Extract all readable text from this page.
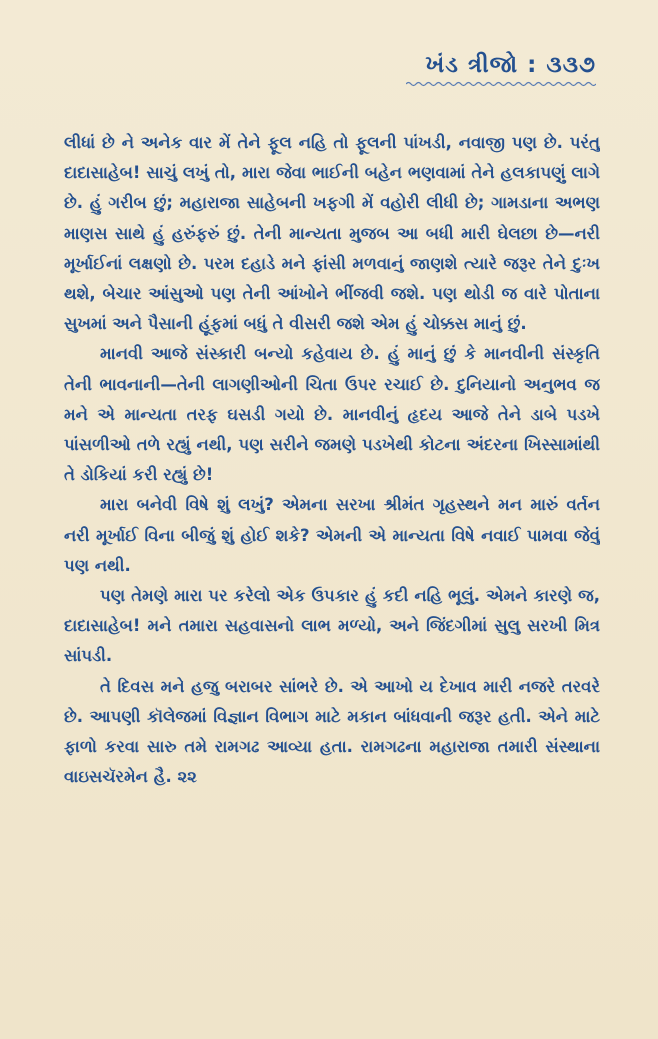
ખંડ ત્રીજો : ૩૩૭

લીધાં છે ને અનેક વાર મેં તેને ફૂલ નહિ તો ફૂલની પાંખડી, નવાજી પણ છે. પરંતુ દાદાસાહેબ! સાચું લખું તો, મારા જેવા ભાઈની બહેન ભણવામાં તેને હલકાપણું લાગે છે. હું ગરીબ છું; મહારાજા સાહેબની ખફગી મેં વહોરી લીધી છે; ગામડાના અભણ માણસ સાથે હું હરુંફરું છું. તેની માન્યતા મુજબ આ બધી મારી ઘેલછા છે—નરી મૂર્ખાઈનાં લક્ષણો છે. પરમ દહાડે મને ફાંસી મળવાનું જાણશે ત્યારે જરૂર તેને દુઃખ થશે, બેચાર આંસુઓ પણ તેની આંખોને ભીંજવી જશે. પણ થોડી જ વારે પોતાના સુખમાં અને પૈસાની હૂંફમાં બધું તે વીસરી જશે એમ હું ચોક્કસ માનું છું.

માનવી આજે સંસ્કારી બન્યો કહેવાય છે. હું માનું છું કે માનવીની સંસ્કૃતિ તેની ભાવનાની—તેની લાગણીઓની ચિતા ઉપર રચાઈ છે. દુનિયાનો અનુભવ જ મને એ માન્યતા તરફ ઘસડી ગયો છે. માનવીનું હૃદય આજે તેને ડાબે પડખે પાંસળીઓ તળે રહ્યું નથી, પણ સરીને જમણે પડખેથી કોટના અંદરના ખિસ્સામાંથી તે ડોકિયાં કરી રહ્યું છે!

મારા બનેવી વિષે શું લખું? એમના સરખા શ્રીમંત ગૃહસ્થને મન મારું વર્તન નરી મૂર્ખાઈ વિના બીજું શું હોઈ શકે? એમની એ માન્યતા વિષે નવાઈ પામવા જેવું પણ નથી.

પણ તેમણે મારા પર કરેલો એક ઉપકાર હું કદી નહિ ભૂલું. એમને કારણે જ, દાદાસાહેબ! મને તમારા સહવાસનો લાભ મળ્યો, અને જિંદગીમાં સુલુ સરખી મિત્ર સાંપડી.

તે દિવસ મને હજુ બરાબર સાંભરે છે. એ આખો ય દેખાવ મારી નજરે તરવરે છે. આપણી કૉલેજમાં વિજ્ઞાન વિભાગ માટે મકાન બાંધવાની જરૂર હતી. એને માટે ફાળો કરવા સારુ તમે રામગઢ આવ્યા હતા. રામગઢના મહારાજા તમારી સંસ્થાના વાઇસચૅરમેન હૈ. ૨૨
